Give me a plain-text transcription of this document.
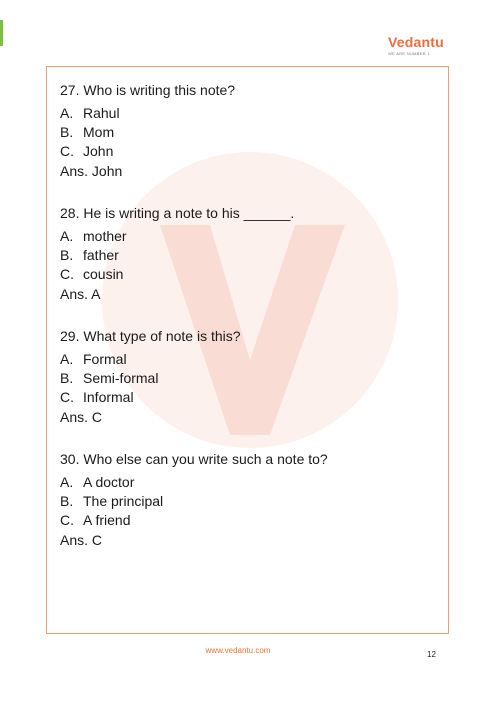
Vedantu
WE ARE NUMBER 1
27. Who is writing this note?
A. Rahul
B. Mom
C. John
Ans. John
28. He is writing a note to his ______.
A. mother
B. father
C. cousin
Ans. A
29. What type of note is this?
A. Formal
B. Semi-formal
C. Informal
Ans. C
30. Who else can you write such a note to?
A. A doctor
B. The principal
C. A friend
Ans. C
www.vedantu.com	12
